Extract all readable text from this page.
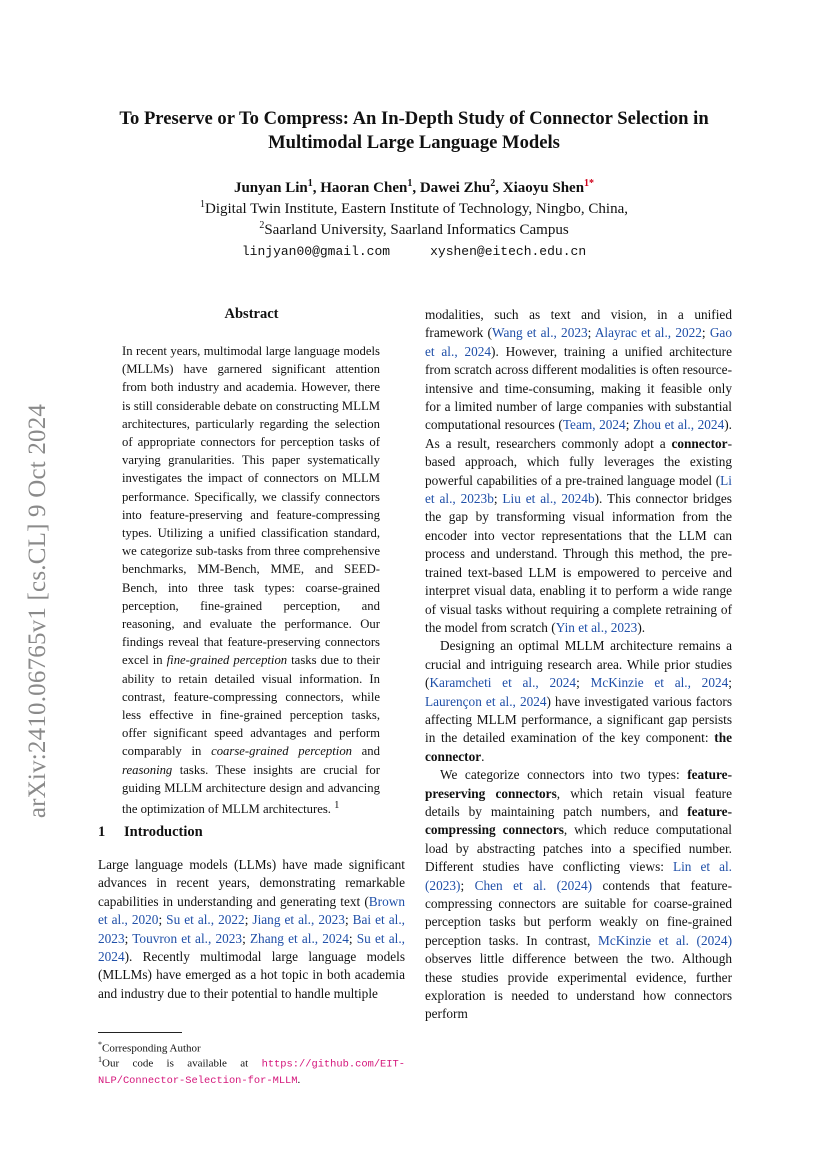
arXiv:2410.06765v1 [cs.CL] 9 Oct 2024
To Preserve or To Compress: An In-Depth Study of Connector Selection in Multimodal Large Language Models
Junyan Lin$^1$, Haoran Chen$^1$, Dawei Zhu$^2$, Xiaoyu Shen$^{1*}$
$^1$Digital Twin Institute, Eastern Institute of Technology, Ningbo, China,
$^2$Saarland University, Saarland Informatics Campus
linjyan00@gmail.com	xyshen@eitech.edu.cn
Abstract

In recent years, multimodal large language models (MLLMs) have garnered significant attention from both industry and academia. However, there is still considerable debate on constructing MLLM architectures, particularly regarding the selection of appropriate connectors for perception tasks of varying granularities. This paper systematically investigates the impact of connectors on MLLM performance. Specifically, we classify connectors into feature-preserving and feature-compressing types. Utilizing a unified classification standard, we categorize sub-tasks from three comprehensive benchmarks, MM-Bench, MME, and SEED-Bench, into three task types: coarse-grained perception, fine-grained perception, and reasoning, and evaluate the performance. Our findings reveal that feature-preserving connectors excel in fine-grained perception tasks due to their ability to retain detailed visual information. In contrast, feature-compressing connectors, while less effective in fine-grained perception tasks, offer significant speed advantages and perform comparably in coarse-grained perception and reasoning tasks. These insights are crucial for guiding MLLM architecture design and advancing the optimization of MLLM architectures. $^1$

1 Introduction

Large language models (LLMs) have made significant advances in recent years, demonstrating remarkable capabilities in understanding and generating text (Brown et al., 2020; Su et al., 2022; Jiang et al., 2023; Bai et al., 2023; Touvron et al., 2023; Zhang et al., 2024; Su et al., 2024). Recently multimodal large language models (MLLMs) have emerged as a hot topic in both academia and industry due to their potential to handle multiple

*Corresponding Author
$^1$Our code is available at https://github.com/EIT-NLP/Connector-Selection-for-MLLM.

modalities, such as text and vision, in a unified framework (Wang et al., 2023; Alayrac et al., 2022; Gao et al., 2024). However, training a unified architecture from scratch across different modalities is often resource-intensive and time-consuming, making it feasible only for a limited number of large companies with substantial computational resources (Team, 2024; Zhou et al., 2024). As a result, researchers commonly adopt a connector-based approach, which fully leverages the existing powerful capabilities of a pre-trained language model (Li et al., 2023b; Liu et al., 2024b). This connector bridges the gap by transforming visual information from the encoder into vector representations that the LLM can process and understand. Through this method, the pre-trained text-based LLM is empowered to perceive and interpret visual data, enabling it to perform a wide range of visual tasks without requiring a complete retraining of the model from scratch (Yin et al., 2023).

Designing an optimal MLLM architecture remains a crucial and intriguing research area. While prior studies (Karamcheti et al., 2024; McKinzie et al., 2024; Laurençon et al., 2024) have investigated various factors affecting MLLM performance, a significant gap persists in the detailed examination of the key component: the connector.

We categorize connectors into two types: feature-preserving connectors, which retain visual feature details by maintaining patch numbers, and feature-compressing connectors, which reduce computational load by abstracting patches into a specified number. Different studies have conflicting views: Lin et al. (2023); Chen et al. (2024) contends that feature-compressing connectors are suitable for coarse-grained perception tasks but perform weakly on fine-grained perception tasks. In contrast, McKinzie et al. (2024) observes little difference between the two. Although these studies provide experimental evidence, further exploration is needed to understand how connectors perform
